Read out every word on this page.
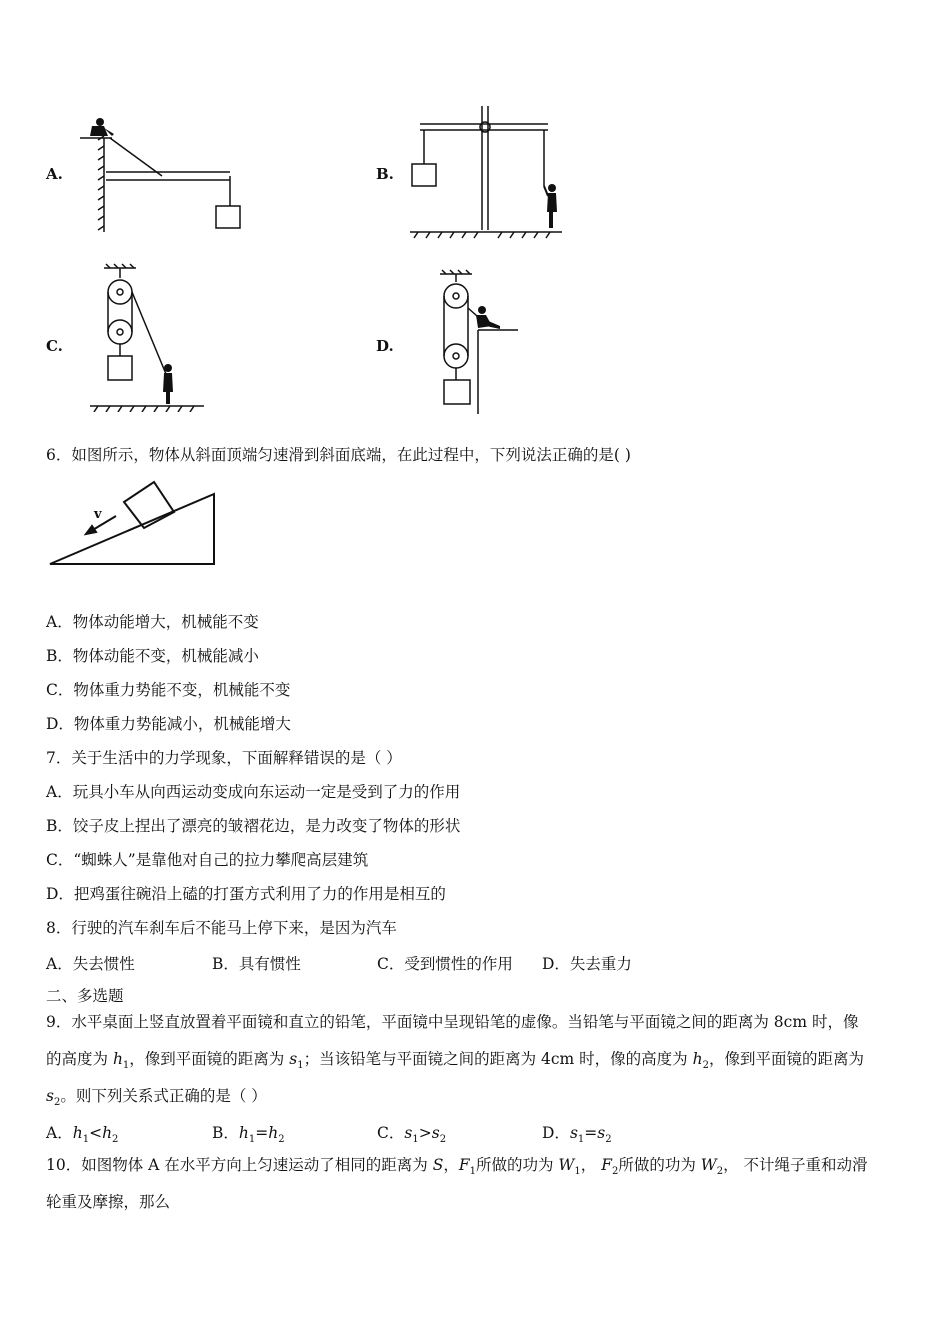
A.	B.
C.	D.
6．如图所示，物体从斜面顶端匀速滑到斜面底端，在此过程中，下列说法正确的是( )
v
A．物体动能增大，机械能不变
B．物体动能不变，机械能减小
C．物体重力势能不变，机械能不变
D．物体重力势能减小，机械能增大
7．关于生活中的力学现象，下面解释错误的是（ ）
A．玩具小车从向西运动变成向东运动一定是受到了力的作用
B．饺子皮上捏出了漂亮的皱褶花边，是力改变了物体的形状
C．“蜘蛛人”是靠他对自己的拉力攀爬高层建筑
D．把鸡蛋往碗沿上磕的打蛋方式利用了力的作用是相互的
8．行驶的汽车刹车后不能马上停下来，是因为汽车
A．失去惯性	B．具有惯性	C．受到惯性的作用 D．失去重力
二、多选题
9．水平桌面上竖直放置着平面镜和直立的铅笔，平面镜中呈现铅笔的虚像。当铅笔与平面镜之间的距离为 8cm 时，像
的高度为 $h_1$，像到平面镜的距离为 $s_1$；当该铅笔与平面镜之间的距离为 4cm 时，像的高度为 $h_2$，像到平面镜的距离为
$s_2$。则下列关系式正确的是（ ）
A．$h_1<h_2$	B．$h_1=h_2$	C．$s_1>s_2$	D．$s_1=s_2$
10．如图物体 A 在水平方向上匀速运动了相同的距离为 S，$F_1$所做的功为 $W_1$， $F_2$所做的功为 $W_2$， 不计绳子重和动滑
轮重及摩擦，那么
